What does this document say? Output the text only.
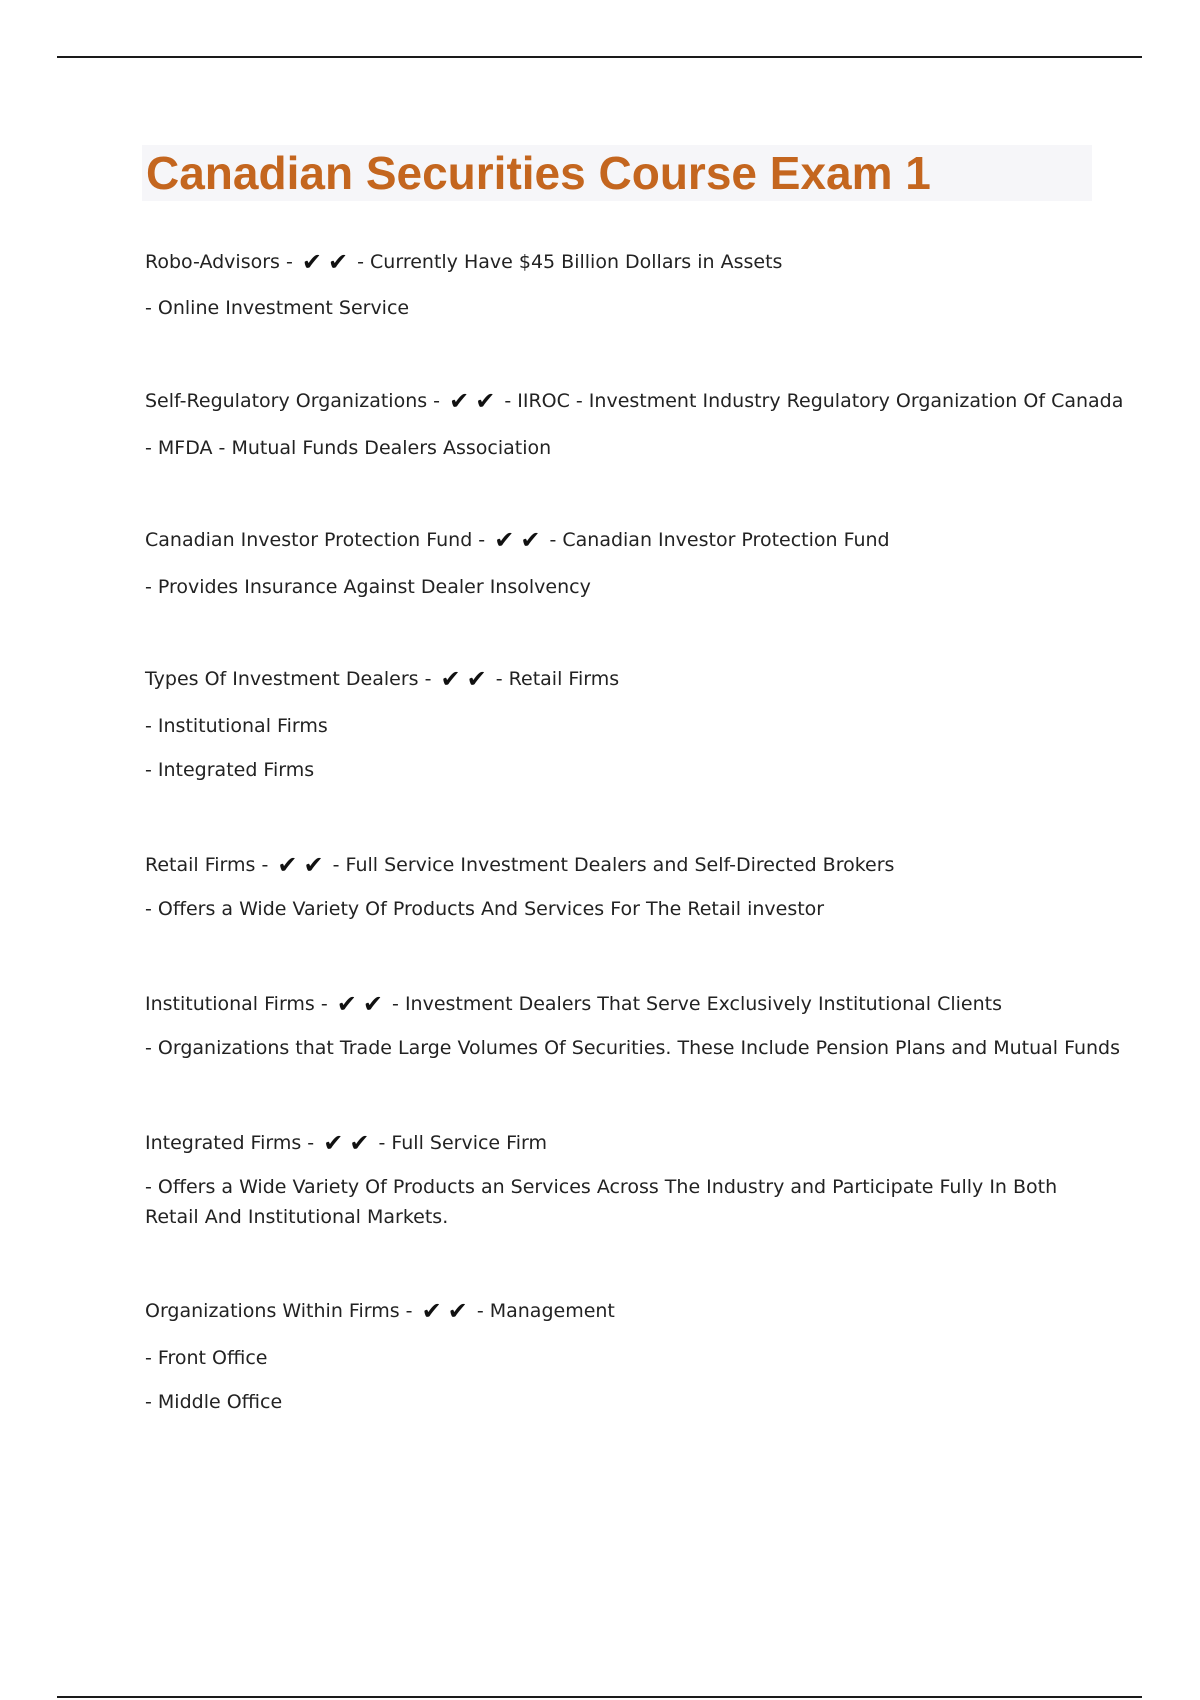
Canadian Securities Course Exam 1
Robo-Advisors - ✔ ✔ - Currently Have $45 Billion Dollars in Assets
- Online Investment Service
Self-Regulatory Organizations - ✔ ✔ - IIROC - Investment Industry Regulatory Organization Of Canada
- MFDA - Mutual Funds Dealers Association
Canadian Investor Protection Fund - ✔ ✔ - Canadian Investor Protection Fund
- Provides Insurance Against Dealer Insolvency
Types Of Investment Dealers - ✔ ✔ - Retail Firms
- Institutional Firms
- Integrated Firms
Retail Firms - ✔ ✔ - Full Service Investment Dealers and Self-Directed Brokers
- Offers a Wide Variety Of Products And Services For The Retail investor
Institutional Firms - ✔ ✔ - Investment Dealers That Serve Exclusively Institutional Clients
- Organizations that Trade Large Volumes Of Securities. These Include Pension Plans and Mutual Funds
Integrated Firms - ✔ ✔ - Full Service Firm
- Offers a Wide Variety Of Products an Services Across The Industry and Participate Fully In Both Retail And Institutional Markets.
Organizations Within Firms - ✔ ✔ - Management
- Front Office
- Middle Office
